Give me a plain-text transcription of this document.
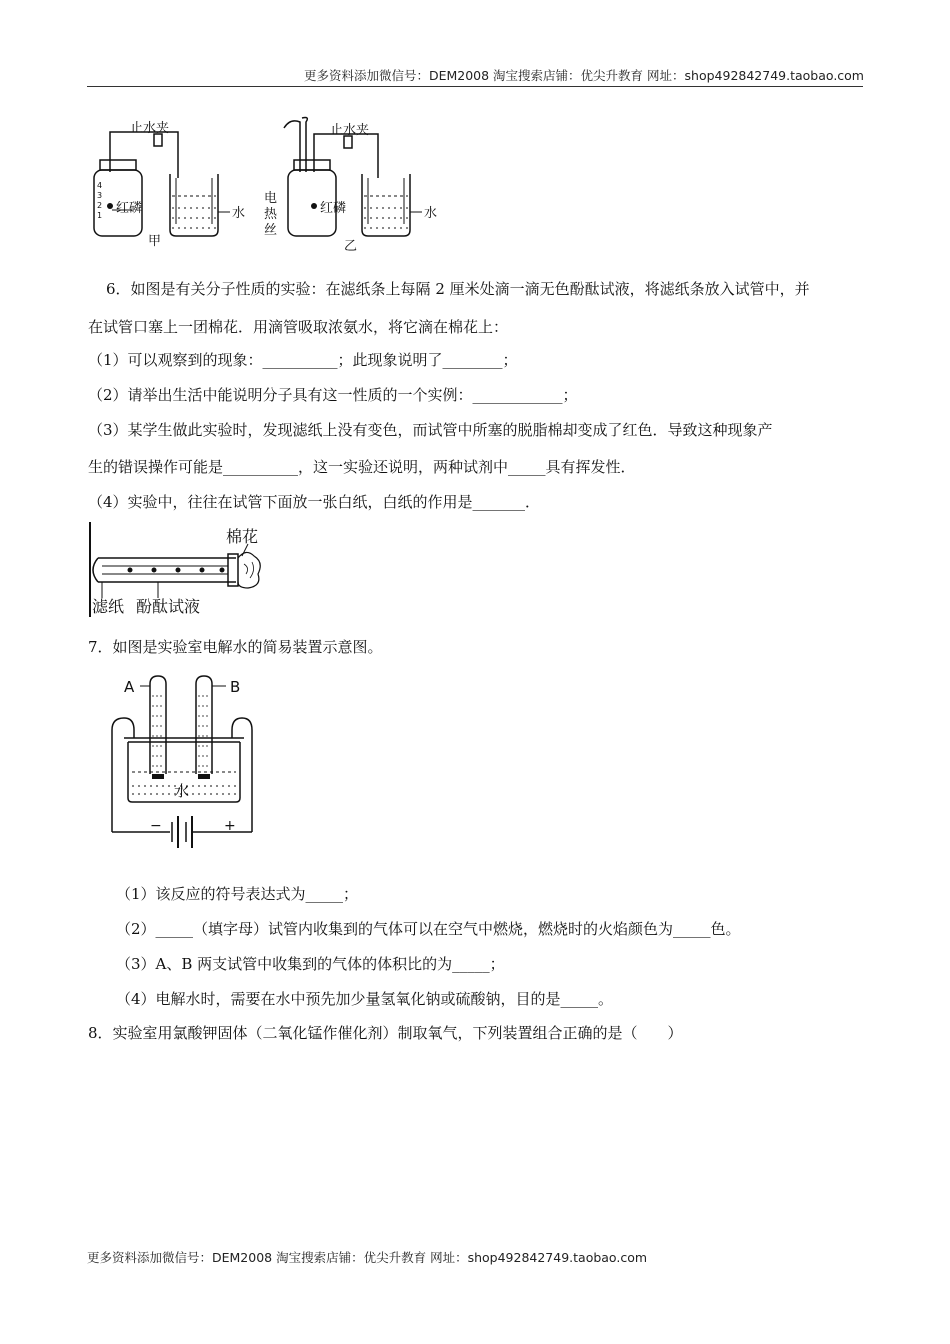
更多资料添加微信号：DEM2008 淘宝搜索店铺：优尖升教育 网址：shop492842749.taobao.com
止水夹	止水夹
红磷	红磷
水	水
甲	乙
电
热
丝
4
3
2
1
6．如图是有关分子性质的实验：在滤纸条上每隔 2 厘米处滴一滴无色酚酞试液，将滤纸条放入试管中，并
在试管口塞上一团棉花．用滴管吸取浓氨水，将它滴在棉花上：
（1）可以观察到的现象：__________；此现象说明了________；
（2）请举出生活中能说明分子具有这一性质的一个实例：____________；
（3）某学生做此实验时，发现滤纸上没有变色，而试管中所塞的脱脂棉却变成了红色．导致这种现象产
生的错误操作可能是__________，这一实验还说明，两种试剂中_____具有挥发性．
（4）实验中，往往在试管下面放一张白纸，白纸的作用是_______．
棉花
滤纸 酚酞试液
7．如图是实验室电解水的简易装置示意图。
A	B
水
−	+
（1）该反应的符号表达式为_____；
（2）_____（填字母）试管内收集到的气体可以在空气中燃烧，燃烧时的火焰颜色为_____色。
（3）A、B 两支试管中收集到的气体的体积比的为_____；
（4）电解水时，需要在水中预先加少量氢氧化钠或硫酸钠，目的是_____。
8．实验室用氯酸钾固体（二氧化锰作催化剂）制取氧气，下列装置组合正确的是（　　）
更多资料添加微信号：DEM2008 淘宝搜索店铺：优尖升教育 网址：shop492842749.taobao.com
